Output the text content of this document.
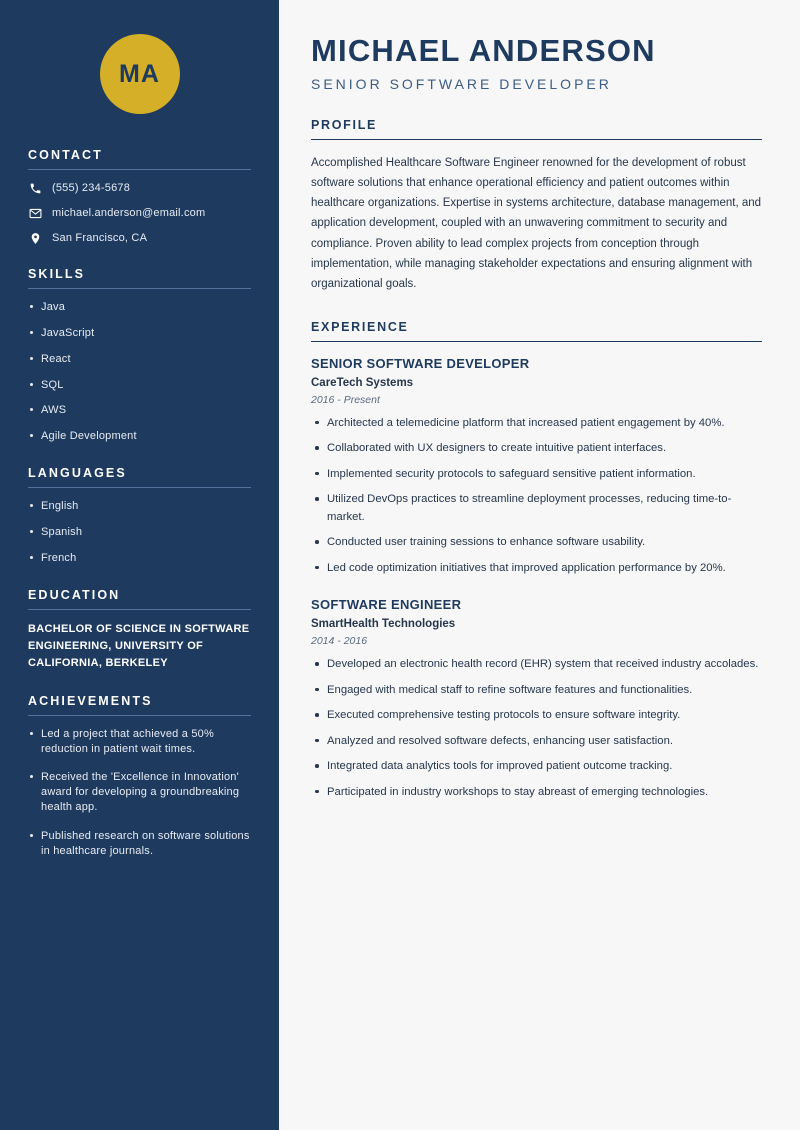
MA
CONTACT
(555) 234-5678
michael.anderson@email.com
San Francisco, CA
SKILLS
Java
JavaScript
React
SQL
AWS
Agile Development
LANGUAGES
English
Spanish
French
EDUCATION
BACHELOR OF SCIENCE IN SOFTWARE ENGINEERING, UNIVERSITY OF CALIFORNIA, BERKELEY
ACHIEVEMENTS
Led a project that achieved a 50% reduction in patient wait times.
Received the 'Excellence in Innovation' award for developing a groundbreaking health app.
Published research on software solutions in healthcare journals.
MICHAEL ANDERSON
SENIOR SOFTWARE DEVELOPER
PROFILE

Accomplished Healthcare Software Engineer renowned for the development of robust software solutions that enhance operational efficiency and patient outcomes within healthcare organizations. Expertise in systems architecture, database management, and application development, coupled with an unwavering commitment to security and compliance. Proven ability to lead complex projects from conception through implementation, while managing stakeholder expectations and ensuring alignment with organizational goals.

EXPERIENCE
SENIOR SOFTWARE DEVELOPER
CareTech Systems
2016 - Present
Architected a telemedicine platform that increased patient engagement by 40%.
Collaborated with UX designers to create intuitive patient interfaces.
Implemented security protocols to safeguard sensitive patient information.
Utilized DevOps practices to streamline deployment processes, reducing time-to-market.
Conducted user training sessions to enhance software usability.
Led code optimization initiatives that improved application performance by 20%.
SOFTWARE ENGINEER
SmartHealth Technologies
2014 - 2016
Developed an electronic health record (EHR) system that received industry accolades.
Engaged with medical staff to refine software features and functionalities.
Executed comprehensive testing protocols to ensure software integrity.
Analyzed and resolved software defects, enhancing user satisfaction.
Integrated data analytics tools for improved patient outcome tracking.
Participated in industry workshops to stay abreast of emerging technologies.
